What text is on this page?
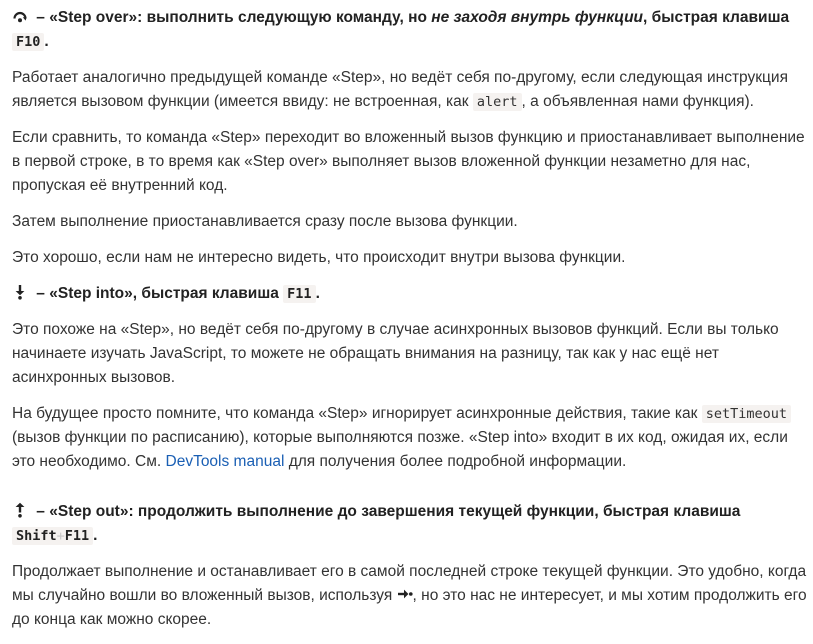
– «Step over»: выполнить следующую команду, но не заходя внутрь функции, быстрая клавиша
F10 .

Работает аналогично предыдущей команде «Step», но ведёт себя по-другому, если следующая инструкция является вызовом функции (имеется ввиду: не встроенная, как alert , а объявленная нами функция).

Если сравнить, то команда «Step» переходит во вложенный вызов функцию и приостанавливает выполнение в первой строке, в то время как «Step over» выполняет вызов вложенной функции незаметно для нас, пропуская её внутренний код.

Затем выполнение приостанавливается сразу после вызова функции.

Это хорошо, если нам не интересно видеть, что происходит внутри вызова функции.

– «Step into», быстрая клавиша F11 .

Это похоже на «Step», но ведёт себя по-другому в случае асинхронных вызовов функций. Если вы только начинаете изучать JavaScript, то можете не обращать внимания на разницу, так как у нас ещё нет асинхронных вызовов.

На будущее просто помните, что команда «Step» игнорирует асинхронные действия, такие как setTimeout (вызов функции по расписанию), которые выполняются позже. «Step into» входит в их код, ожидая их, если это необходимо. См. DevTools manual для получения более подробной информации.

– «Step out»: продолжить выполнение до завершения текущей функции, быстрая клавиша
Shift+F11 .

Продолжает выполнение и останавливает его в самой последней строке текущей функции. Это удобно, когда мы случайно вошли во вложенный вызов, используя , но это нас не интересует, и мы хотим продолжить его до конца как можно скорее.
